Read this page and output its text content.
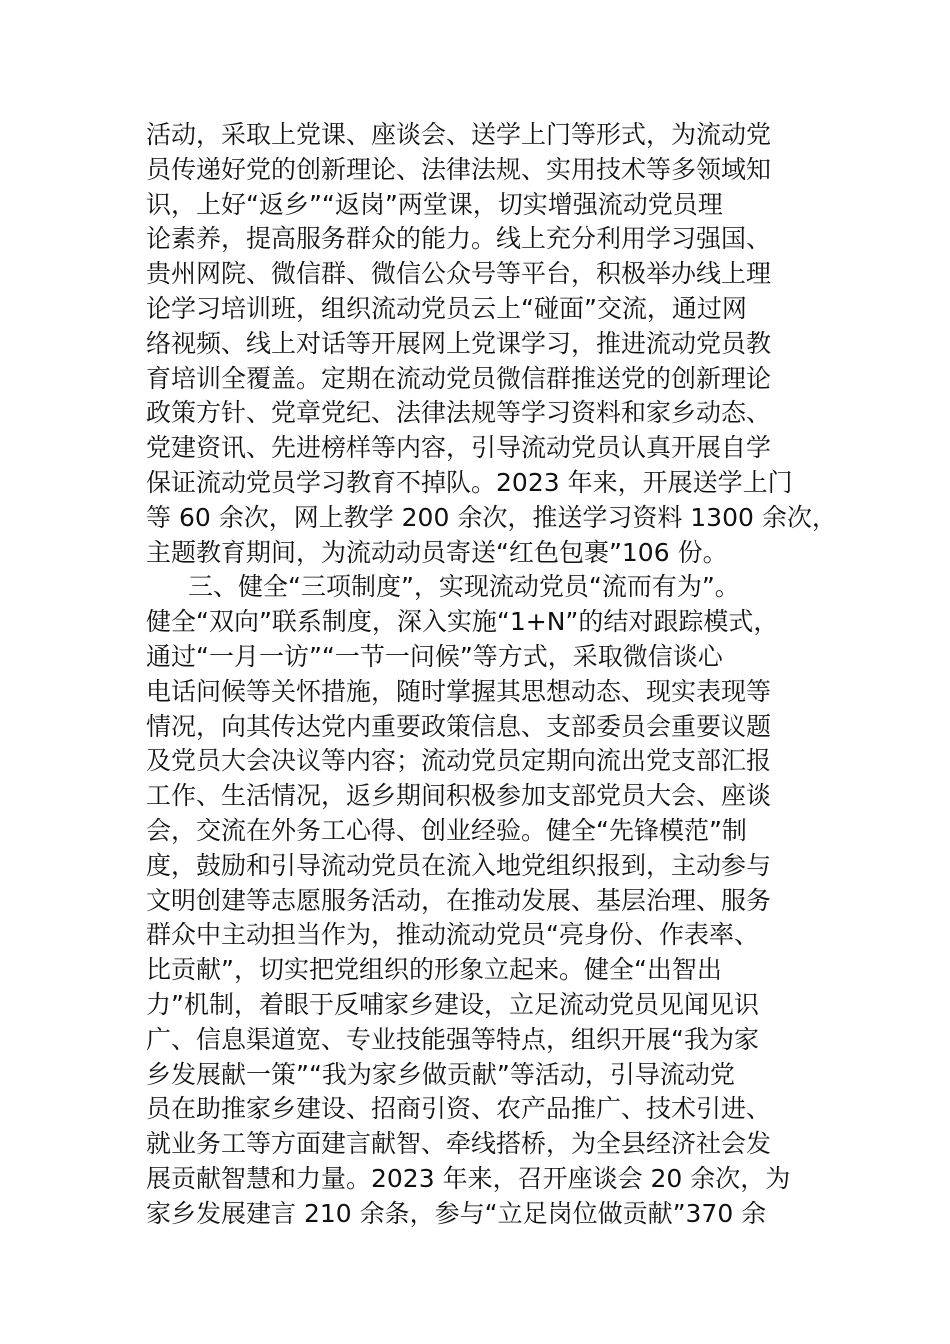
活动，采取上党课、座谈会、送学上门等形式，为流动党
员传递好党的创新理论、法律法规、实用技术等多领域知
识，上好“返乡”“返岗”两堂课，切实增强流动党员理
论素养，提高服务群众的能力。线上充分利用学习强国、
贵州网院、微信群、微信公众号等平台，积极举办线上理
论学习培训班，组织流动党员云上“碰面”交流，通过网
络视频、线上对话等开展网上党课学习，推进流动党员教
育培训全覆盖。定期在流动党员微信群推送党的创新理论
政策方针、党章党纪、法律法规等学习资料和家乡动态、
党建资讯、先进榜样等内容，引导流动党员认真开展自学
保证流动党员学习教育不掉队。2023 年来，开展送学上门
等 60 余次，网上教学 200 余次，推送学习资料 1300 余次，
主题教育期间，为流动动员寄送“红色包裹”106 份。
三、健全“三项制度”，实现流动党员“流而有为”。
健全“双向”联系制度，深入实施“1+N”的结对跟踪模式，
通过“一月一访”“一节一问候”等方式，采取微信谈心
电话问候等关怀措施，随时掌握其思想动态、现实表现等
情况，向其传达党内重要政策信息、支部委员会重要议题
及党员大会决议等内容；流动党员定期向流出党支部汇报
工作、生活情况，返乡期间积极参加支部党员大会、座谈
会，交流在外务工心得、创业经验。健全“先锋模范”制
度，鼓励和引导流动党员在流入地党组织报到，主动参与
文明创建等志愿服务活动，在推动发展、基层治理、服务
群众中主动担当作为，推动流动党员“亮身份、作表率、
比贡献”，切实把党组织的形象立起来。健全“出智出
力”机制，着眼于反哺家乡建设，立足流动党员见闻见识
广、信息渠道宽、专业技能强等特点，组织开展“我为家
乡发展献一策”“我为家乡做贡献”等活动，引导流动党
员在助推家乡建设、招商引资、农产品推广、技术引进、
就业务工等方面建言献智、牵线搭桥，为全县经济社会发
展贡献智慧和力量。2023 年来，召开座谈会 20 余次，为
家乡发展建言 210 余条，参与“立足岗位做贡献”370 余
